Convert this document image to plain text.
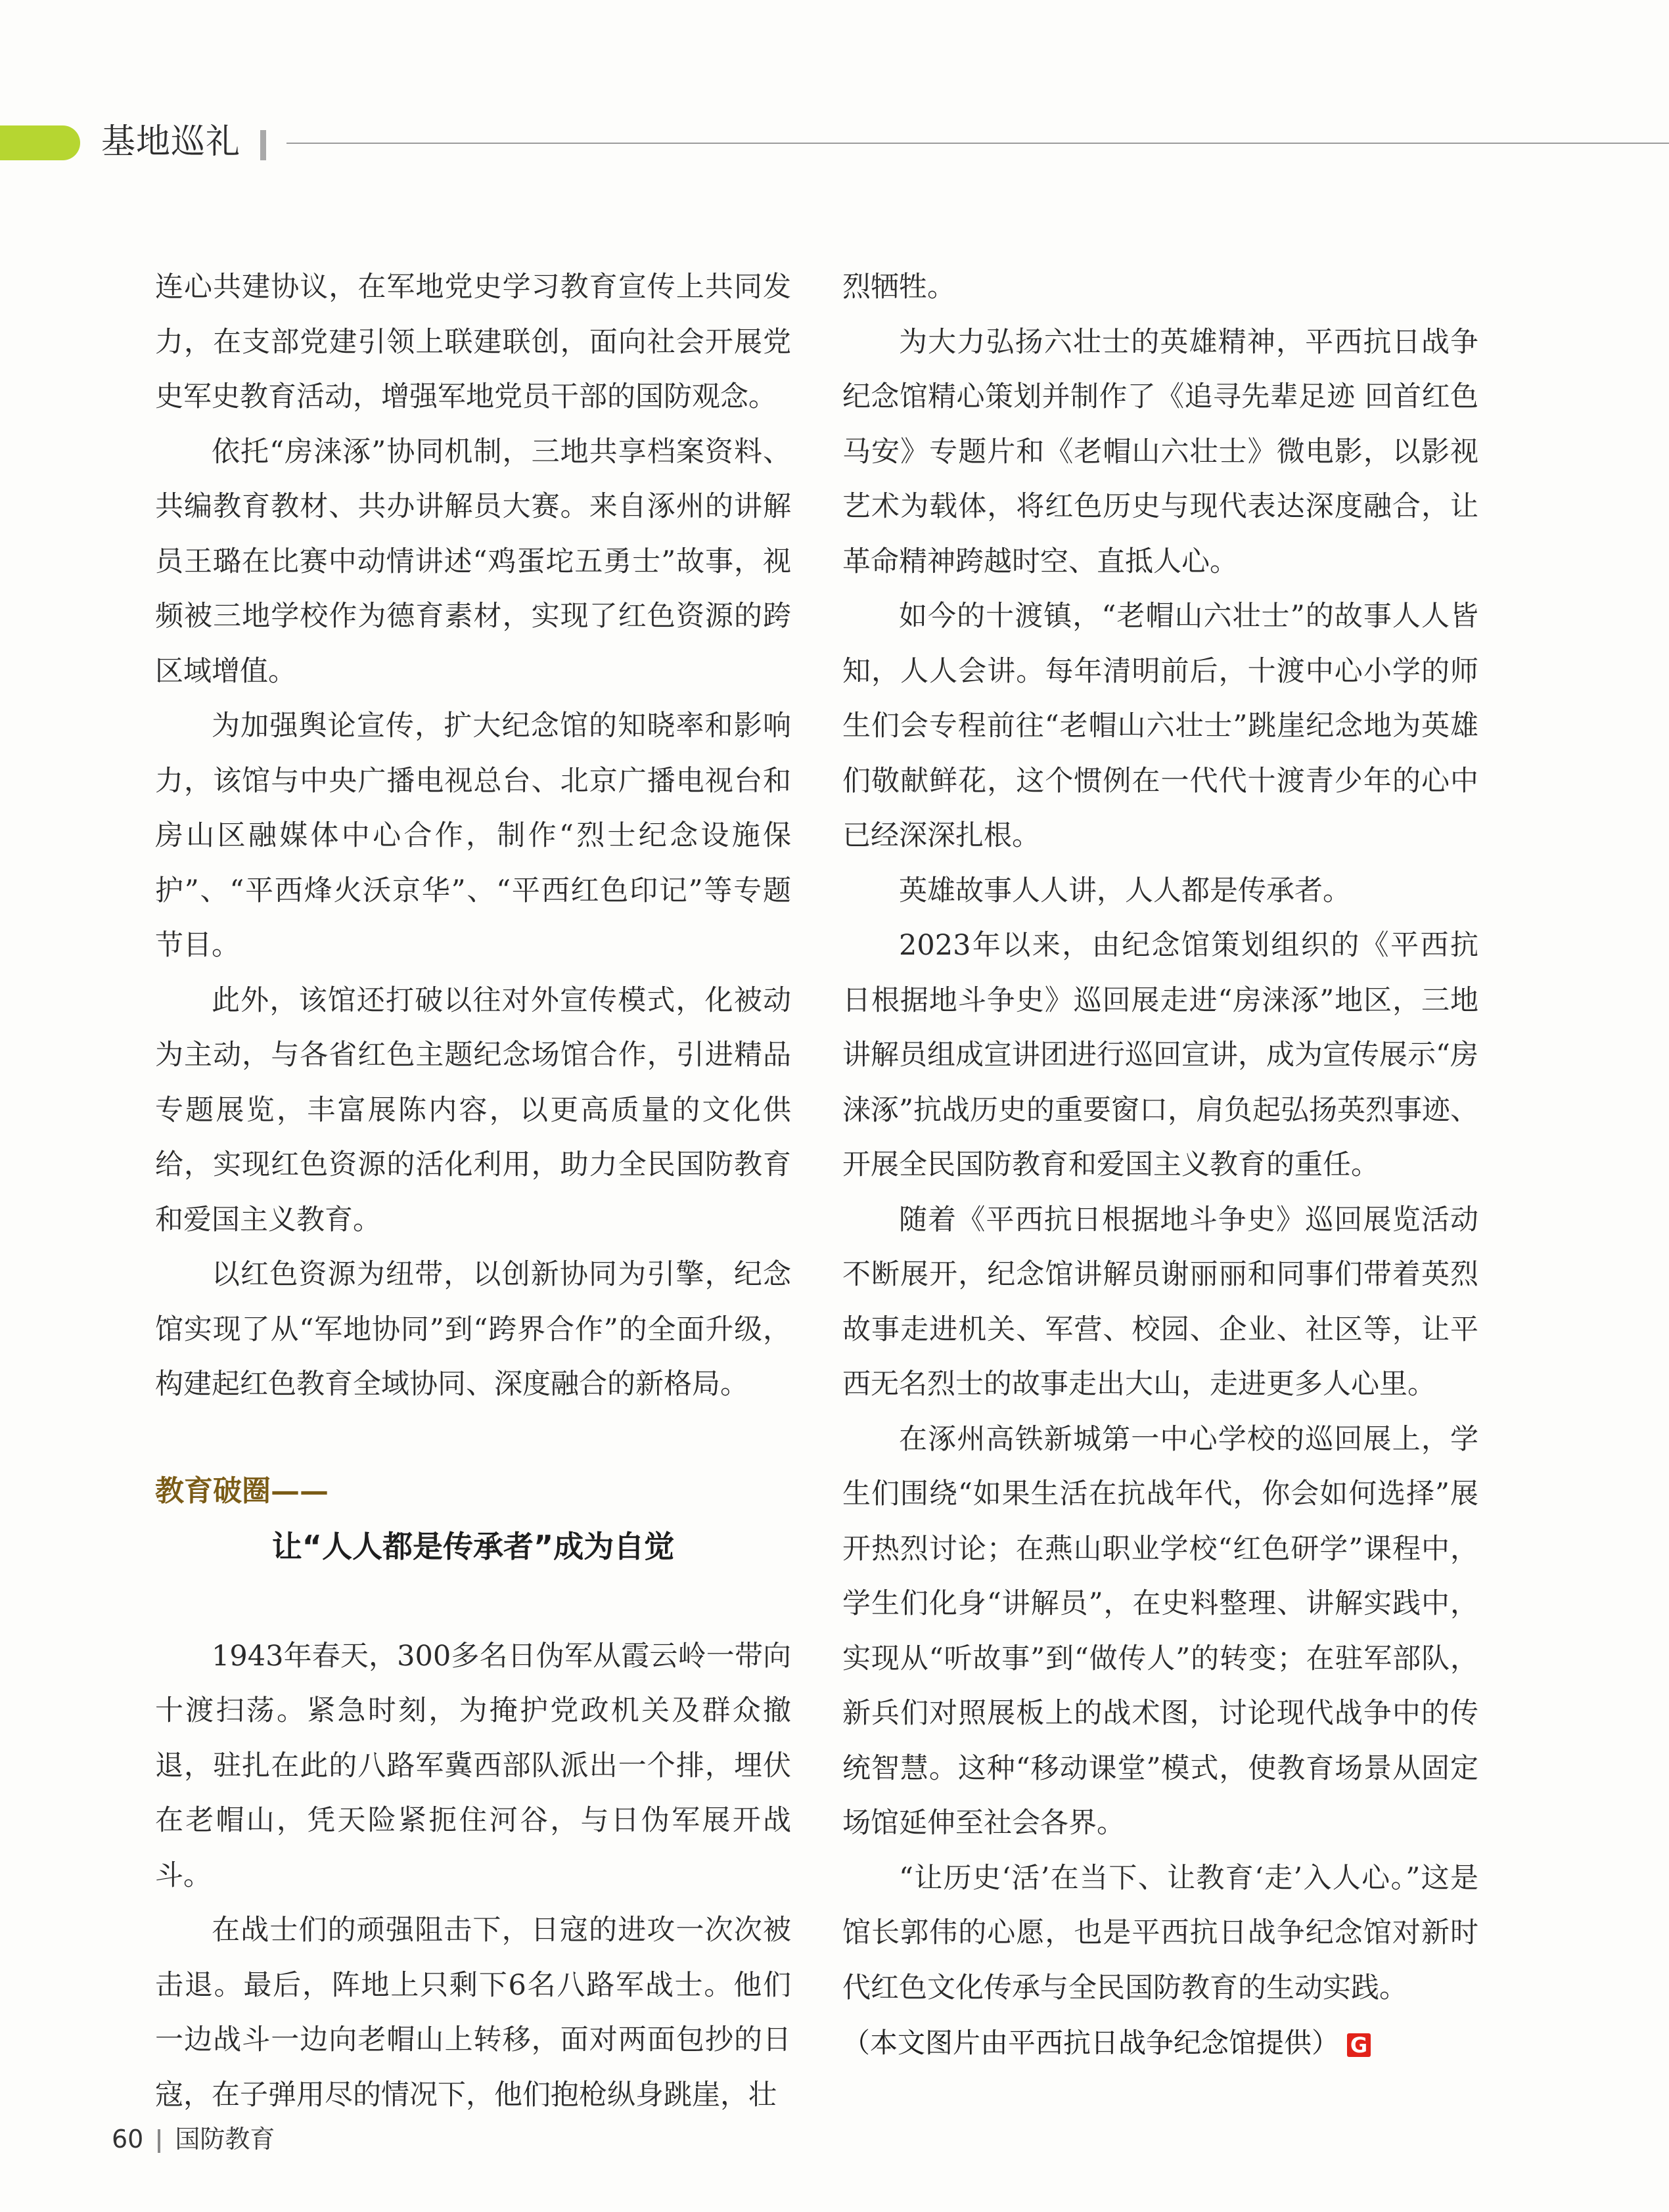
基地巡礼

连心共建协议，在军地党史学习教育宣传上共同发力，在支部党建引领上联建联创，面向社会开展党史军史教育活动，增强军地党员干部的国防观念。

依托“房涞涿”协同机制，三地共享档案资料、共编教育教材、共办讲解员大赛。来自涿州的讲解员王璐在比赛中动情讲述“鸡蛋坨五勇士”故事，视频被三地学校作为德育素材，实现了红色资源的跨区域增值。

为加强舆论宣传，扩大纪念馆的知晓率和影响力，该馆与中央广播电视总台、北京广播电视台和房山区融媒体中心合作，制作“烈士纪念设施保护”、“平西烽火沃京华”、“平西红色印记”等专题节目。

此外，该馆还打破以往对外宣传模式，化被动为主动，与各省红色主题纪念场馆合作，引进精品专题展览，丰富展陈内容，以更高质量的文化供给，实现红色资源的活化利用，助力全民国防教育和爱国主义教育。

以红色资源为纽带，以创新协同为引擎，纪念馆实现了从“军地协同”到“跨界合作”的全面升级，构建起红色教育全域协同、深度融合的新格局。

教育破圈——
让“人人都是传承者”成为自觉

1943年春天，300多名日伪军从霞云岭一带向十渡扫荡。紧急时刻，为掩护党政机关及群众撤退，驻扎在此的八路军冀西部队派出一个排，埋伏在老帽山，凭天险紧扼住河谷，与日伪军展开战斗。

在战士们的顽强阻击下，日寇的进攻一次次被击退。最后，阵地上只剩下6名八路军战士。他们一边战斗一边向老帽山上转移，面对两面包抄的日寇，在子弹用尽的情况下，他们抱枪纵身跳崖，壮

烈牺牲。

为大力弘扬六壮士的英雄精神，平西抗日战争纪念馆精心策划并制作了《追寻先辈足迹 回首红色马安》专题片和《老帽山六壮士》微电影，以影视艺术为载体，将红色历史与现代表达深度融合，让革命精神跨越时空、直抵人心。

如今的十渡镇，“老帽山六壮士”的故事人人皆知，人人会讲。每年清明前后，十渡中心小学的师生们会专程前往“老帽山六壮士”跳崖纪念地为英雄们敬献鲜花，这个惯例在一代代十渡青少年的心中已经深深扎根。

英雄故事人人讲，人人都是传承者。

2023年以来，由纪念馆策划组织的《平西抗日根据地斗争史》巡回展走进“房涞涿”地区，三地讲解员组成宣讲团进行巡回宣讲，成为宣传展示“房涞涿”抗战历史的重要窗口，肩负起弘扬英烈事迹、开展全民国防教育和爱国主义教育的重任。

随着《平西抗日根据地斗争史》巡回展览活动不断展开，纪念馆讲解员谢丽丽和同事们带着英烈故事走进机关、军营、校园、企业、社区等，让平西无名烈士的故事走出大山，走进更多人心里。

在涿州高铁新城第一中心学校的巡回展上，学生们围绕“如果生活在抗战年代，你会如何选择”展开热烈讨论；在燕山职业学校“红色研学”课程中，学生们化身“讲解员”，在史料整理、讲解实践中，实现从“听故事”到“做传人”的转变；在驻军部队，新兵们对照展板上的战术图，讨论现代战争中的传统智慧。这种“移动课堂”模式，使教育场景从固定场馆延伸至社会各界。

“让历史‘活’在当下、让教育‘走’入人心。”这是馆长郭伟的心愿，也是平西抗日战争纪念馆对新时代红色文化传承与全民国防教育的生动实践。

（本文图片由平西抗日战争纪念馆提供） G

60 国防教育
